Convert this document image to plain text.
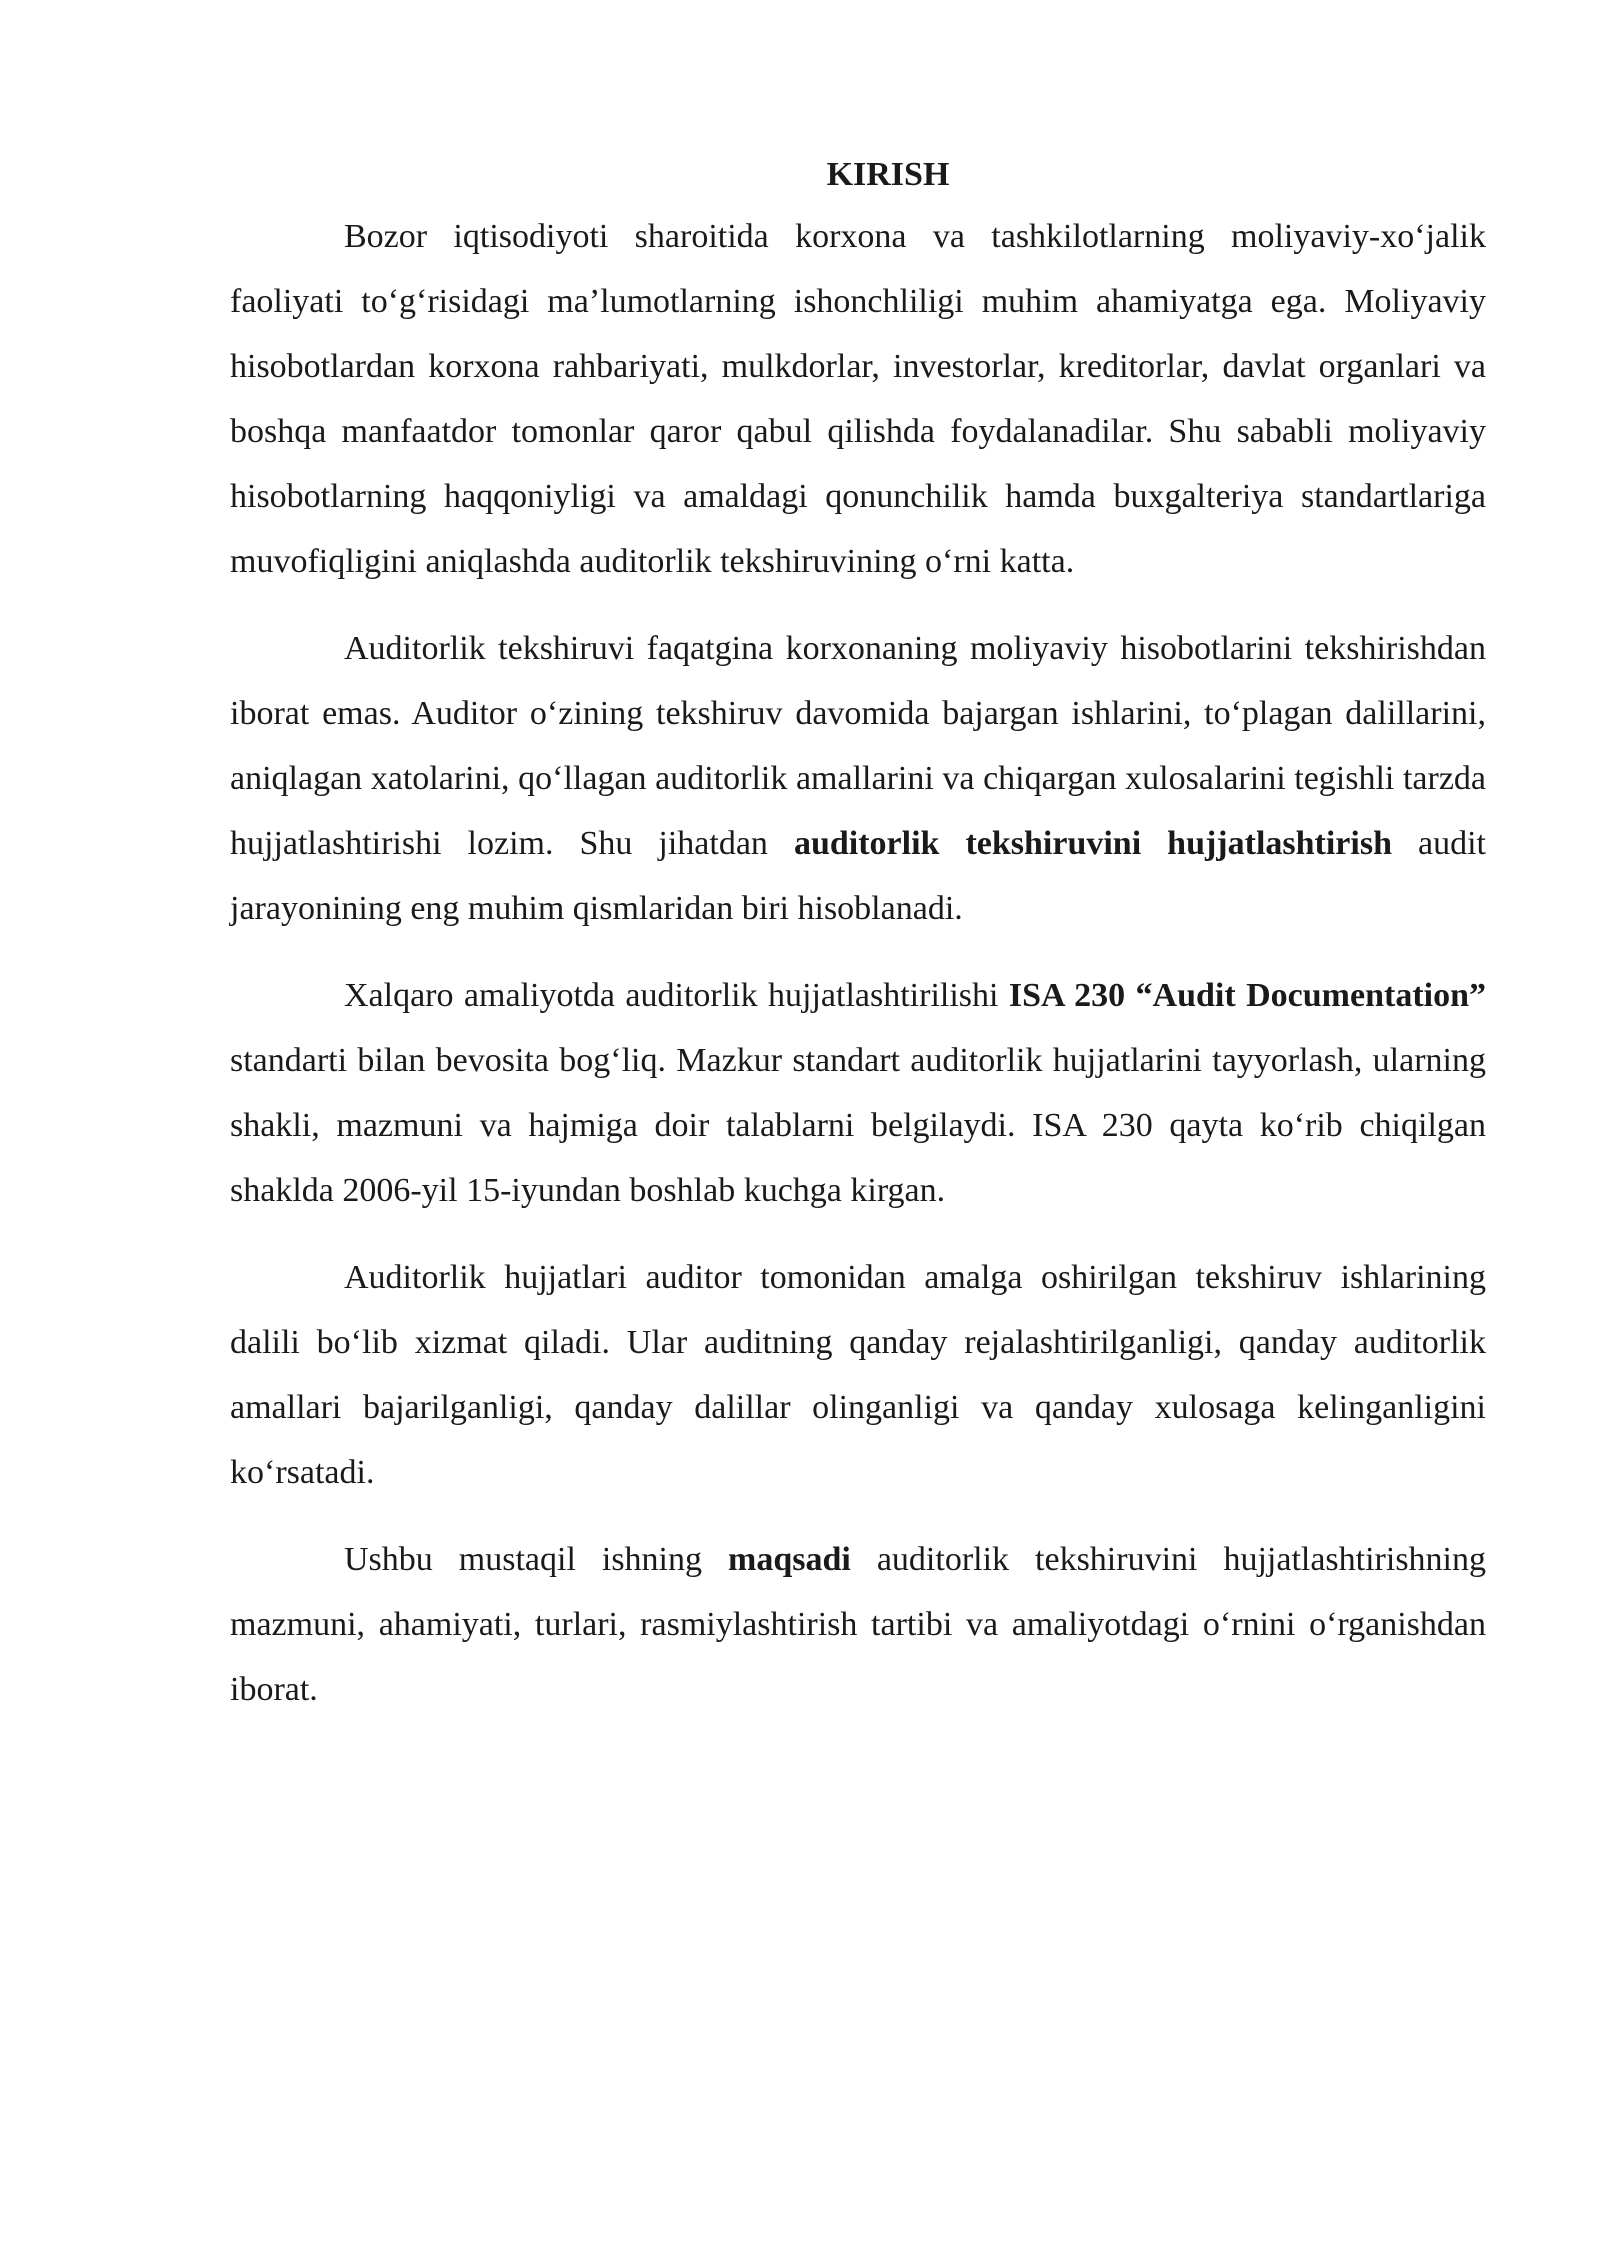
KIRISH

Bozor iqtisodiyoti sharoitida korxona va tashkilotlarning moliyaviy-xo‘jalik faoliyati to‘g‘risidagi ma’lumotlarning ishonchliligi muhim ahamiyatga ega. Moliyaviy hisobotlardan korxona rahbariyati, mulkdorlar, investorlar, kreditorlar, davlat organlari va boshqa manfaatdor tomonlar qaror qabul qilishda foydalanadilar. Shu sababli moliyaviy hisobotlarning haqqoniyligi va amaldagi qonunchilik hamda buxgalteriya standartlariga muvofiqligini aniqlashda auditorlik tekshiruvining o‘rni katta.

Auditorlik tekshiruvi faqatgina korxonaning moliyaviy hisobotlarini tekshirishdan iborat emas. Auditor o‘zining tekshiruv davomida bajargan ishlarini, to‘plagan dalillarini, aniqlagan xatolarini, qo‘llagan auditorlik amallarini va chiqargan xulosalarini tegishli tarzda hujjatlashtirishi lozim. Shu jihatdan auditorlik tekshiruvini hujjatlashtirish audit jarayonining eng muhim qismlaridan biri hisoblanadi.

Xalqaro amaliyotda auditorlik hujjatlashtirilishi ISA 230 “Audit Documentation” standarti bilan bevosita bog‘liq. Mazkur standart auditorlik hujjatlarini tayyorlash, ularning shakli, mazmuni va hajmiga doir talablarni belgilaydi. ISA 230 qayta ko‘rib chiqilgan shaklda 2006-yil 15-iyundan boshlab kuchga kirgan.

Auditorlik hujjatlari auditor tomonidan amalga oshirilgan tekshiruv ishlarining dalili bo‘lib xizmat qiladi. Ular auditning qanday rejalashtirilganligi, qanday auditorlik amallari bajarilganligi, qanday dalillar olinganligi va qanday xulosaga kelinganligini ko‘rsatadi.

Ushbu mustaqil ishning maqsadi auditorlik tekshiruvini hujjatlashtirishning mazmuni, ahamiyati, turlari, rasmiylashtirish tartibi va amaliyotdagi o‘rnini o‘rganishdan iborat.
